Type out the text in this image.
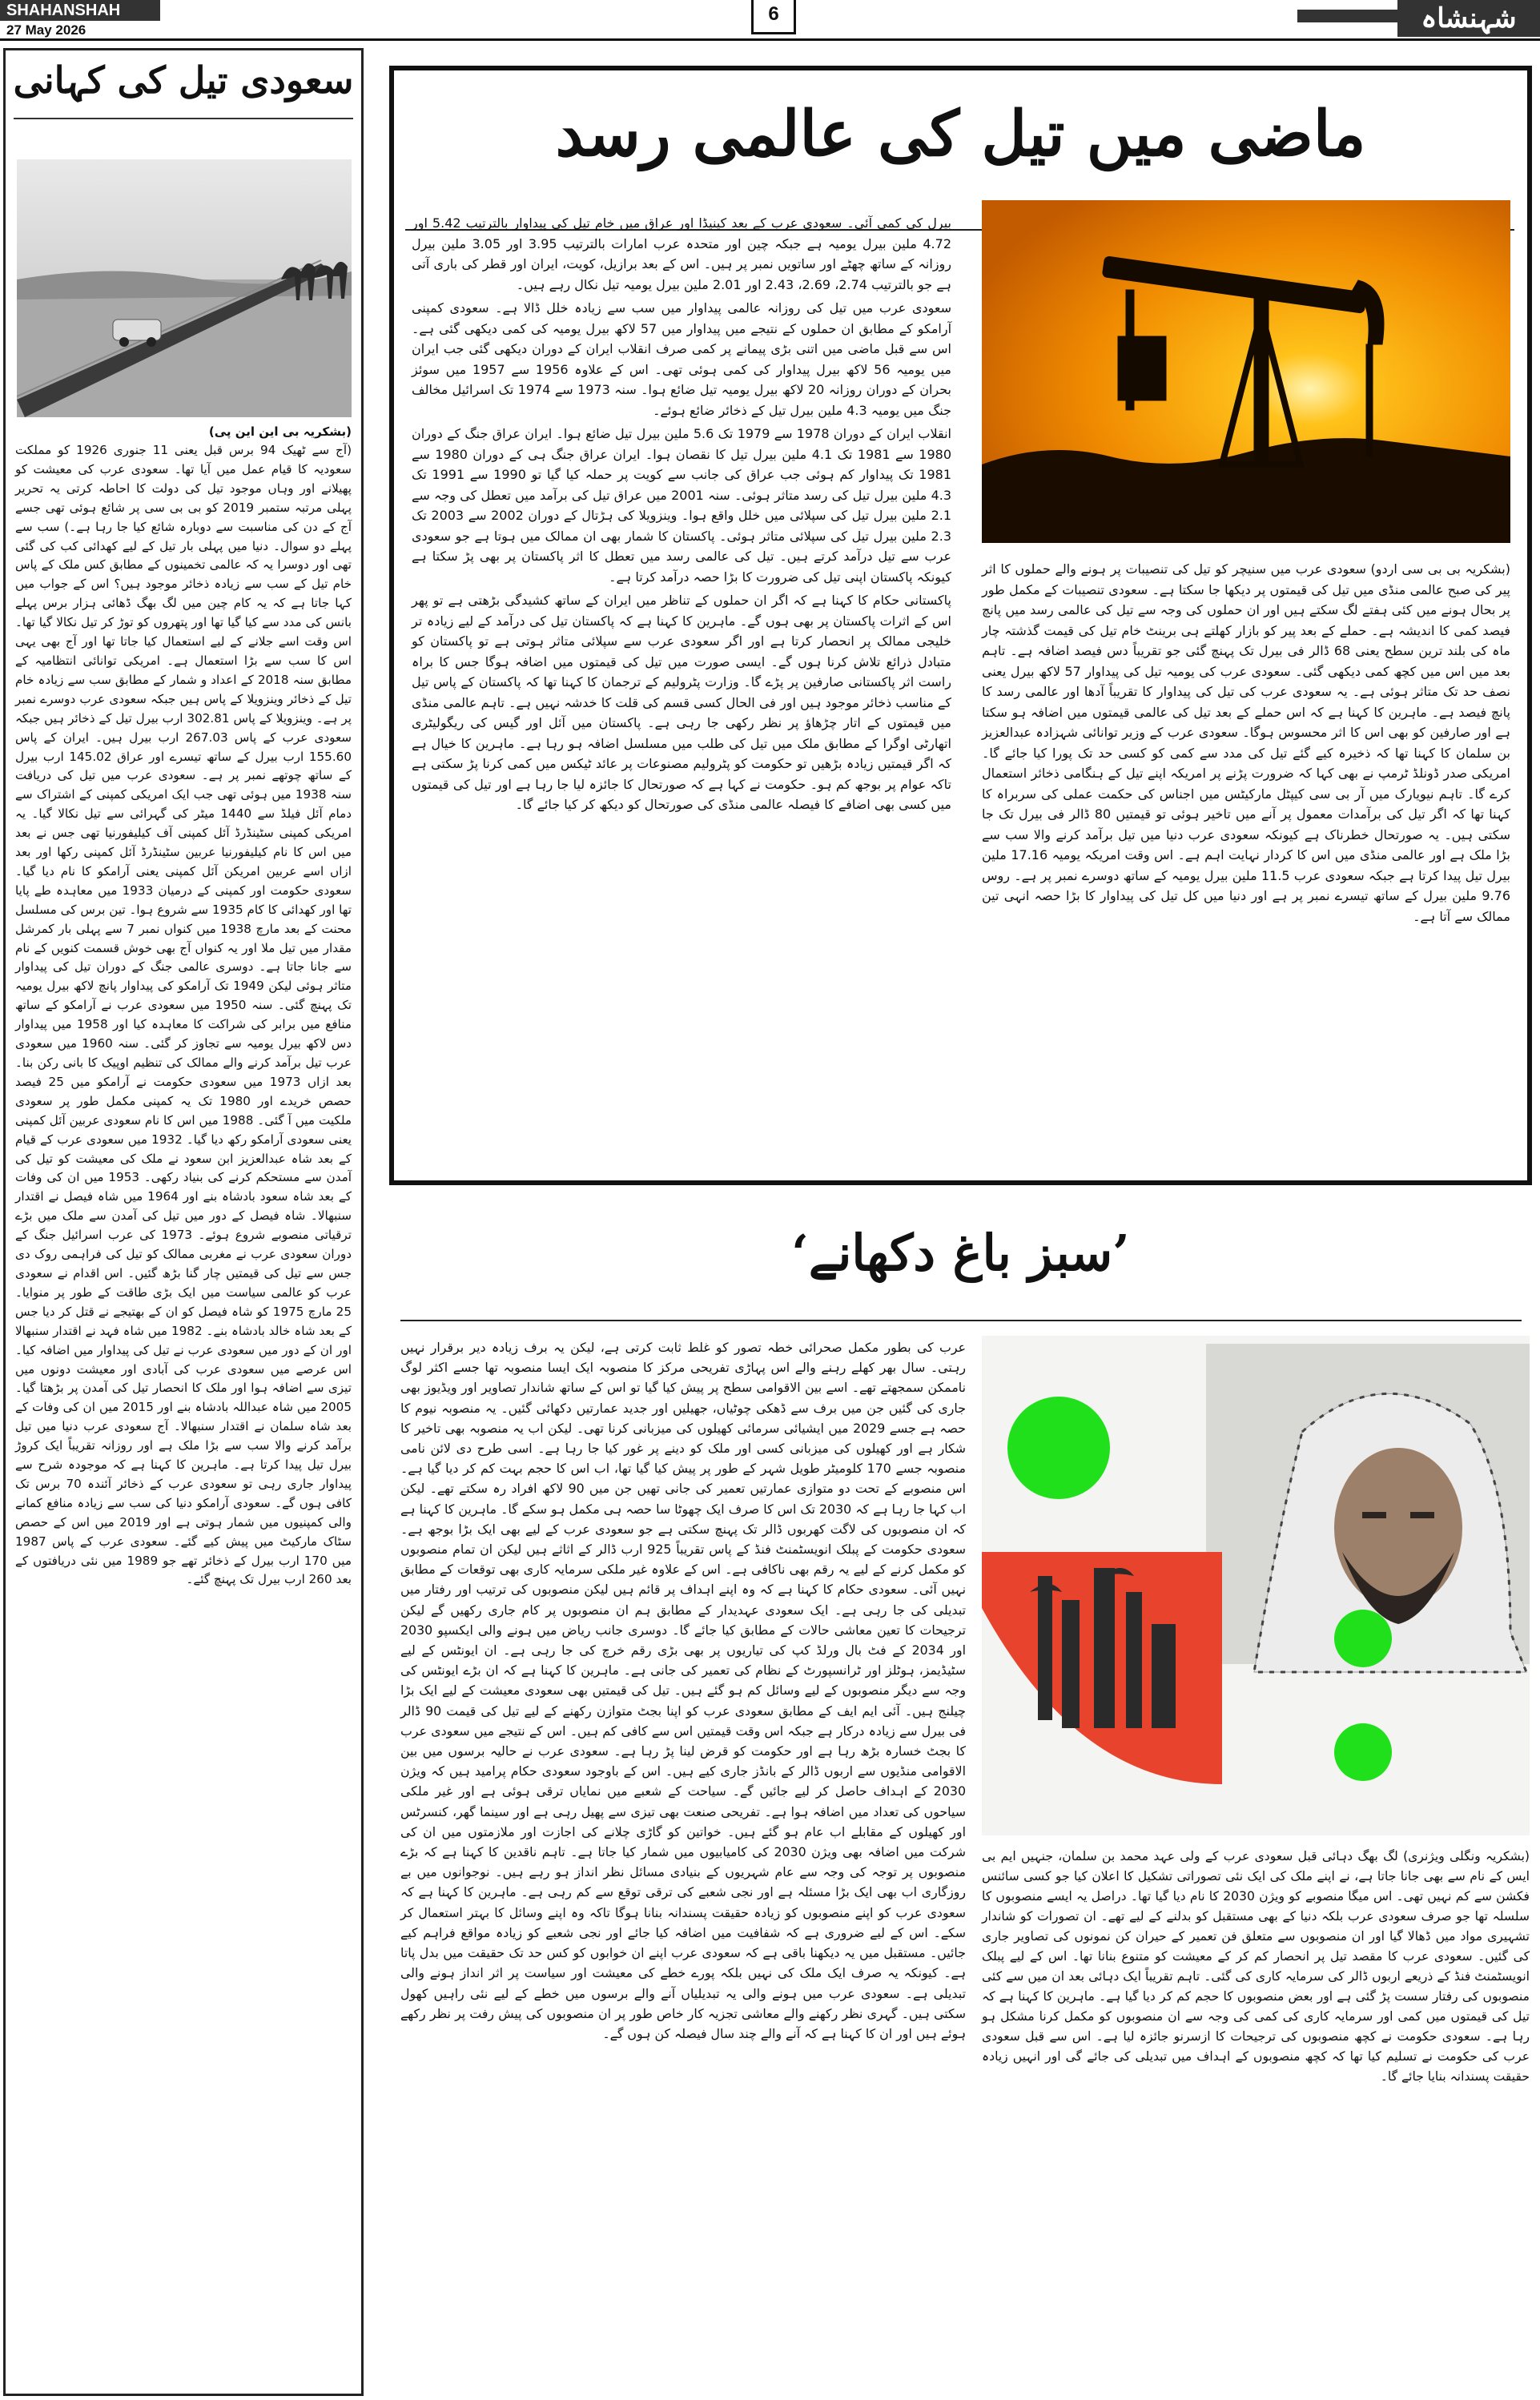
SHAHANSHAH
27 May 2026
6	شہنشاہ
سعودی تیل کی کہانی
(بشکریہ بی این این پی)
(آج سے ٹھیک 94 برس قبل یعنی 11 جنوری 1926 کو مملکت سعودیہ کا قیام عمل میں آیا تھا۔ سعودی عرب کی معیشت کو پھیلانے اور وہاں موجود تیل کی دولت کا احاطہ کرتی یہ تحریر پہلی مرتبہ ستمبر 2019 کو بی بی سی پر شائع ہوئی تھی جسے آج کے دن کی مناسبت سے دوبارہ شائع کیا جا رہا ہے۔) سب سے پہلے دو سوال۔ دنیا میں پہلی بار تیل کے لیے کھدائی کب کی گئی تھی اور دوسرا یہ کہ عالمی تخمینوں کے مطابق کس ملک کے پاس خام تیل کے سب سے زیادہ ذخائر موجود ہیں؟ اس کے جواب میں کہا جاتا ہے کہ یہ کام چین میں لگ بھگ ڈھائی ہزار برس پہلے بانس کی مدد سے کیا گیا تھا اور پتھروں کو توڑ کر تیل نکالا گیا تھا۔ اس وقت اسے جلانے کے لیے استعمال کیا جاتا تھا اور آج بھی یہی اس کا سب سے بڑا استعمال ہے۔ امریکی توانائی انتظامیہ کے مطابق سنہ 2018 کے اعداد و شمار کے مطابق سب سے زیادہ خام تیل کے ذخائر وینزویلا کے پاس ہیں جبکہ سعودی عرب دوسرے نمبر پر ہے۔ وینزویلا کے پاس 302.81 ارب بیرل تیل کے ذخائر ہیں جبکہ سعودی عرب کے پاس 267.03 ارب بیرل ہیں۔ ایران کے پاس 155.60 ارب بیرل کے ساتھ تیسرے اور عراق 145.02 ارب بیرل کے ساتھ چوتھے نمبر پر ہے۔ سعودی عرب میں تیل کی دریافت سنہ 1938 میں ہوئی تھی جب ایک امریکی کمپنی کے اشتراک سے دمام آئل فیلڈ سے 1440 میٹر کی گہرائی سے تیل نکالا گیا۔ یہ امریکی کمپنی سٹینڈرڈ آئل کمپنی آف کیلیفورنیا تھی جس نے بعد میں اس کا نام کیلیفورنیا عربین سٹینڈرڈ آئل کمپنی رکھا اور بعد ازاں اسے عربین امریکن آئل کمپنی یعنی آرامکو کا نام دیا گیا۔ سعودی حکومت اور کمپنی کے درمیان 1933 میں معاہدہ طے پایا تھا اور کھدائی کا کام 1935 سے شروع ہوا۔ تین برس کی مسلسل محنت کے بعد مارچ 1938 میں کنواں نمبر 7 سے پہلی بار کمرشل مقدار میں تیل ملا اور یہ کنواں آج بھی خوش قسمت کنویں کے نام سے جانا جاتا ہے۔ دوسری عالمی جنگ کے دوران تیل کی پیداوار متاثر ہوئی لیکن 1949 تک آرامکو کی پیداوار پانچ لاکھ بیرل یومیہ تک پہنچ گئی۔ سنہ 1950 میں سعودی عرب نے آرامکو کے ساتھ منافع میں برابر کی شراکت کا معاہدہ کیا اور 1958 میں پیداوار دس لاکھ بیرل یومیہ سے تجاوز کر گئی۔ سنہ 1960 میں سعودی عرب تیل برآمد کرنے والے ممالک کی تنظیم اوپیک کا بانی رکن بنا۔ بعد ازاں 1973 میں سعودی حکومت نے آرامکو میں 25 فیصد حصص خریدے اور 1980 تک یہ کمپنی مکمل طور پر سعودی ملکیت میں آ گئی۔ 1988 میں اس کا نام سعودی عربین آئل کمپنی یعنی سعودی آرامکو رکھ دیا گیا۔ 1932 میں سعودی عرب کے قیام کے بعد شاہ عبدالعزیز ابن سعود نے ملک کی معیشت کو تیل کی آمدن سے مستحکم کرنے کی بنیاد رکھی۔ 1953 میں ان کی وفات کے بعد شاہ سعود بادشاہ بنے اور 1964 میں شاہ فیصل نے اقتدار سنبھالا۔ شاہ فیصل کے دور میں تیل کی آمدن سے ملک میں بڑے ترقیاتی منصوبے شروع ہوئے۔ 1973 کی عرب اسرائیل جنگ کے دوران سعودی عرب نے مغربی ممالک کو تیل کی فراہمی روک دی جس سے تیل کی قیمتیں چار گنا بڑھ گئیں۔ اس اقدام نے سعودی عرب کو عالمی سیاست میں ایک بڑی طاقت کے طور پر منوایا۔ 25 مارچ 1975 کو شاہ فیصل کو ان کے بھتیجے نے قتل کر دیا جس کے بعد شاہ خالد بادشاہ بنے۔ 1982 میں شاہ فہد نے اقتدار سنبھالا اور ان کے دور میں سعودی عرب نے تیل کی پیداوار میں اضافہ کیا۔ اس عرصے میں سعودی عرب کی آبادی اور معیشت دونوں میں تیزی سے اضافہ ہوا اور ملک کا انحصار تیل کی آمدن پر بڑھتا گیا۔ 2005 میں شاہ عبداللہ بادشاہ بنے اور 2015 میں ان کی وفات کے بعد شاہ سلمان نے اقتدار سنبھالا۔ آج سعودی عرب دنیا میں تیل برآمد کرنے والا سب سے بڑا ملک ہے اور روزانہ تقریباً ایک کروڑ بیرل تیل پیدا کرتا ہے۔ ماہرین کا کہنا ہے کہ موجودہ شرح سے پیداوار جاری رہی تو سعودی عرب کے ذخائر آئندہ 70 برس تک کافی ہوں گے۔ سعودی آرامکو دنیا کی سب سے زیادہ منافع کمانے والی کمپنیوں میں شمار ہوتی ہے اور 2019 میں اس کے حصص سٹاک مارکیٹ میں پیش کیے گئے۔ سعودی عرب کے پاس 1987 میں 170 ارب بیرل کے ذخائر تھے جو 1989 میں نئی دریافتوں کے بعد 260 ارب بیرل تک پہنچ گئے۔
ماضی میں تیل کی عالمی رسد
(بشکریہ بی بی سی اردو) سعودی عرب میں سنیچر کو تیل کی تنصیبات پر ہونے والے حملوں کا اثر پیر کی صبح عالمی منڈی میں تیل کی قیمتوں پر دیکھا جا سکتا ہے۔ سعودی تنصیبات کے مکمل طور پر بحال ہونے میں کئی ہفتے لگ سکتے ہیں اور ان حملوں کی وجہ سے تیل کی عالمی رسد میں پانچ فیصد کمی کا اندیشہ ہے۔ حملے کے بعد پیر کو بازار کھلتے ہی برینٹ خام تیل کی قیمت گذشتہ چار ماہ کی بلند ترین سطح یعنی 68 ڈالر فی بیرل تک پہنچ گئی جو تقریباً دس فیصد اضافہ ہے۔ تاہم بعد میں اس میں کچھ کمی دیکھی گئی۔ سعودی عرب کی یومیہ تیل کی پیداوار 57 لاکھ بیرل یعنی نصف حد تک متاثر ہوئی ہے۔ یہ سعودی عرب کی تیل کی پیداوار کا تقریباً آدھا اور عالمی رسد کا پانچ فیصد ہے۔ ماہرین کا کہنا ہے کہ اس حملے کے بعد تیل کی عالمی قیمتوں میں اضافہ ہو سکتا ہے اور صارفین کو بھی اس کا اثر محسوس ہوگا۔ سعودی عرب کے وزیر توانائی شہزادہ عبدالعزیز بن سلمان کا کہنا تھا کہ ذخیرہ کیے گئے تیل کی مدد سے کمی کو کسی حد تک پورا کیا جائے گا۔ امریکی صدر ڈونلڈ ٹرمپ نے بھی کہا کہ ضرورت پڑنے پر امریکہ اپنے تیل کے ہنگامی ذخائر استعمال کرے گا۔ تاہم نیویارک میں آر بی سی کیپٹل مارکیٹس میں اجناس کی حکمت عملی کی سربراہ کا کہنا تھا کہ اگر تیل کی برآمدات معمول پر آنے میں تاخیر ہوئی تو قیمتیں 80 ڈالر فی بیرل تک جا سکتی ہیں۔ یہ صورتحال خطرناک ہے کیونکہ سعودی عرب دنیا میں تیل برآمد کرنے والا سب سے بڑا ملک ہے اور عالمی منڈی میں اس کا کردار نہایت اہم ہے۔ اس وقت امریکہ یومیہ 17.16 ملین بیرل تیل پیدا کرتا ہے جبکہ سعودی عرب 11.5 ملین بیرل یومیہ کے ساتھ دوسرے نمبر پر ہے۔ روس 9.76 ملین بیرل کے ساتھ تیسرے نمبر پر ہے اور دنیا میں کل تیل کی پیداوار کا بڑا حصہ انہی تین ممالک سے آتا ہے۔

بیرل کی کمی آئی۔ سعودی عرب کے بعد کینیڈا اور عراق میں خام تیل کی پیداوار بالترتیب 5.42 اور 4.72 ملین بیرل یومیہ ہے جبکہ چین اور متحدہ عرب امارات بالترتیب 3.95 اور 3.05 ملین بیرل روزانہ کے ساتھ چھٹے اور ساتویں نمبر پر ہیں۔ اس کے بعد برازیل، کویت، ایران اور قطر کی باری آتی ہے جو بالترتیب 2.74، 2.69، 2.43 اور 2.01 ملین بیرل یومیہ تیل نکال رہے ہیں۔

سعودی عرب میں تیل کی روزانہ عالمی پیداوار میں سب سے زیادہ خلل ڈالا ہے۔ سعودی کمپنی آرامکو کے مطابق ان حملوں کے نتیجے میں پیداوار میں 57 لاکھ بیرل یومیہ کی کمی دیکھی گئی ہے۔ اس سے قبل ماضی میں اتنی بڑی پیمانے پر کمی صرف انقلاب ایران کے دوران دیکھی گئی جب ایران میں یومیہ 56 لاکھ بیرل پیداوار کی کمی ہوئی تھی۔ اس کے علاوہ 1956 سے 1957 میں سوئز بحران کے دوران روزانہ 20 لاکھ بیرل یومیہ تیل ضائع ہوا۔ سنہ 1973 سے 1974 تک اسرائیل مخالف جنگ میں یومیہ 4.3 ملین بیرل تیل کے ذخائر ضائع ہوئے۔

انقلاب ایران کے دوران 1978 سے 1979 تک 5.6 ملین بیرل تیل ضائع ہوا۔ ایران عراق جنگ کے دوران 1980 سے 1981 تک 4.1 ملین بیرل تیل کا نقصان ہوا۔ ایران عراق جنگ ہی کے دوران 1980 سے 1981 تک پیداوار کم ہوئی جب عراق کی جانب سے کویت پر حملہ کیا گیا تو 1990 سے 1991 تک 4.3 ملین بیرل تیل کی رسد متاثر ہوئی۔ سنہ 2001 میں عراق تیل کی برآمد میں تعطل کی وجہ سے 2.1 ملین بیرل تیل کی سپلائی میں خلل واقع ہوا۔ وینزویلا کی ہڑتال کے دوران 2002 سے 2003 تک 2.3 ملین بیرل تیل کی سپلائی متاثر ہوئی۔ پاکستان کا شمار بھی ان ممالک میں ہوتا ہے جو سعودی عرب سے تیل درآمد کرتے ہیں۔ تیل کی عالمی رسد میں تعطل کا اثر پاکستان پر بھی پڑ سکتا ہے کیونکہ پاکستان اپنی تیل کی ضرورت کا بڑا حصہ درآمد کرتا ہے۔

پاکستانی حکام کا کہنا ہے کہ اگر ان حملوں کے تناظر میں ایران کے ساتھ کشیدگی بڑھتی ہے تو پھر اس کے اثرات پاکستان پر بھی ہوں گے۔ ماہرین کا کہنا ہے کہ پاکستان تیل کی درآمد کے لیے زیادہ تر خلیجی ممالک پر انحصار کرتا ہے اور اگر سعودی عرب سے سپلائی متاثر ہوتی ہے تو پاکستان کو متبادل ذرائع تلاش کرنا ہوں گے۔ ایسی صورت میں تیل کی قیمتوں میں اضافہ ہوگا جس کا براہ راست اثر پاکستانی صارفین پر پڑے گا۔ وزارت پٹرولیم کے ترجمان کا کہنا تھا کہ پاکستان کے پاس تیل کے مناسب ذخائر موجود ہیں اور فی الحال کسی قسم کی قلت کا خدشہ نہیں ہے۔ تاہم عالمی منڈی میں قیمتوں کے اتار چڑھاؤ پر نظر رکھی جا رہی ہے۔ پاکستان میں آئل اور گیس کی ریگولیٹری اتھارٹی اوگرا کے مطابق ملک میں تیل کی طلب میں مسلسل اضافہ ہو رہا ہے۔ ماہرین کا خیال ہے کہ اگر قیمتیں زیادہ بڑھیں تو حکومت کو پٹرولیم مصنوعات پر عائد ٹیکس میں کمی کرنا پڑ سکتی ہے تاکہ عوام پر بوجھ کم ہو۔ حکومت نے کہا ہے کہ صورتحال کا جائزہ لیا جا رہا ہے اور تیل کی قیمتوں میں کسی بھی اضافے کا فیصلہ عالمی منڈی کی صورتحال کو دیکھ کر کیا جائے گا۔

’سبز باغ دکھانے‘
(بشکریہ ونگلی ویژنری) لگ بھگ دہائی قبل سعودی عرب کے ولی عہد محمد بن سلمان، جنہیں ایم بی ایس کے نام سے بھی جانا جاتا ہے، نے اپنے ملک کی ایک نئی تصوراتی تشکیل کا اعلان کیا جو کسی سائنس فکشن سے کم نہیں تھی۔ اس میگا منصوبے کو ویژن 2030 کا نام دیا گیا تھا۔ دراصل یہ ایسے منصوبوں کا سلسلہ تھا جو صرف سعودی عرب بلکہ دنیا کے بھی مستقبل کو بدلنے کے لیے تھے۔ ان تصورات کو شاندار تشہیری مواد میں ڈھالا گیا اور ان منصوبوں سے متعلق فن تعمیر کے حیران کن نمونوں کی تصاویر جاری کی گئیں۔ سعودی عرب کا مقصد تیل پر انحصار کم کر کے معیشت کو متنوع بنانا تھا۔ اس کے لیے پبلک انویسٹمنٹ فنڈ کے ذریعے اربوں ڈالر کی سرمایہ کاری کی گئی۔ تاہم تقریباً ایک دہائی بعد ان میں سے کئی منصوبوں کی رفتار سست پڑ گئی ہے اور بعض منصوبوں کا حجم کم کر دیا گیا ہے۔ ماہرین کا کہنا ہے کہ تیل کی قیمتوں میں کمی اور سرمایہ کاری کی کمی کی وجہ سے ان منصوبوں کو مکمل کرنا مشکل ہو رہا ہے۔ سعودی حکومت نے کچھ منصوبوں کی ترجیحات کا ازسرنو جائزہ لیا ہے۔ اس سے قبل سعودی عرب کی حکومت نے تسلیم کیا تھا کہ کچھ منصوبوں کے اہداف میں تبدیلی کی جائے گی اور انہیں زیادہ حقیقت پسندانہ بنایا جائے گا۔
عرب کی بطور مکمل صحرائی خطہ تصور کو غلط ثابت کرتی ہے، لیکن یہ برف زیادہ دیر برقرار نہیں رہتی۔ سال بھر کھلے رہنے والے اس پہاڑی تفریحی مرکز کا منصوبہ ایک ایسا منصوبہ تھا جسے اکثر لوگ ناممکن سمجھتے تھے۔ اسے بین الاقوامی سطح پر پیش کیا گیا تو اس کے ساتھ شاندار تصاویر اور ویڈیوز بھی جاری کی گئیں جن میں برف سے ڈھکی چوٹیاں، جھیلیں اور جدید عمارتیں دکھائی گئیں۔ یہ منصوبہ نیوم کا حصہ ہے جسے 2029 میں ایشیائی سرمائی کھیلوں کی میزبانی کرنا تھی۔ لیکن اب یہ منصوبہ بھی تاخیر کا شکار ہے اور کھیلوں کی میزبانی کسی اور ملک کو دینے پر غور کیا جا رہا ہے۔ اسی طرح دی لائن نامی منصوبہ جسے 170 کلومیٹر طویل شہر کے طور پر پیش کیا گیا تھا، اب اس کا حجم بہت کم کر دیا گیا ہے۔ اس منصوبے کے تحت دو متوازی عمارتیں تعمیر کی جانی تھیں جن میں 90 لاکھ افراد رہ سکتے تھے۔ لیکن اب کہا جا رہا ہے کہ 2030 تک اس کا صرف ایک چھوٹا سا حصہ ہی مکمل ہو سکے گا۔ ماہرین کا کہنا ہے کہ ان منصوبوں کی لاگت کھربوں ڈالر تک پہنچ سکتی ہے جو سعودی عرب کے لیے بھی ایک بڑا بوجھ ہے۔ سعودی حکومت کے پبلک انویسٹمنٹ فنڈ کے پاس تقریباً 925 ارب ڈالر کے اثاثے ہیں لیکن ان تمام منصوبوں کو مکمل کرنے کے لیے یہ رقم بھی ناکافی ہے۔ اس کے علاوہ غیر ملکی سرمایہ کاری بھی توقعات کے مطابق نہیں آئی۔ سعودی حکام کا کہنا ہے کہ وہ اپنے اہداف پر قائم ہیں لیکن منصوبوں کی ترتیب اور رفتار میں تبدیلی کی جا رہی ہے۔ ایک سعودی عہدیدار کے مطابق ہم ان منصوبوں پر کام جاری رکھیں گے لیکن ترجیحات کا تعین معاشی حالات کے مطابق کیا جائے گا۔ دوسری جانب ریاض میں ہونے والی ایکسپو 2030 اور 2034 کے فٹ بال ورلڈ کپ کی تیاریوں پر بھی بڑی رقم خرچ کی جا رہی ہے۔ ان ایونٹس کے لیے سٹیڈیمز، ہوٹلز اور ٹرانسپورٹ کے نظام کی تعمیر کی جانی ہے۔ ماہرین کا کہنا ہے کہ ان بڑے ایونٹس کی وجہ سے دیگر منصوبوں کے لیے وسائل کم ہو گئے ہیں۔ تیل کی قیمتیں بھی سعودی معیشت کے لیے ایک بڑا چیلنج ہیں۔ آئی ایم ایف کے مطابق سعودی عرب کو اپنا بجٹ متوازن رکھنے کے لیے تیل کی قیمت 90 ڈالر فی بیرل سے زیادہ درکار ہے جبکہ اس وقت قیمتیں اس سے کافی کم ہیں۔ اس کے نتیجے میں سعودی عرب کا بجٹ خسارہ بڑھ رہا ہے اور حکومت کو قرض لینا پڑ رہا ہے۔ سعودی عرب نے حالیہ برسوں میں بین الاقوامی منڈیوں سے اربوں ڈالر کے بانڈز جاری کیے ہیں۔ اس کے باوجود سعودی حکام پرامید ہیں کہ ویژن 2030 کے اہداف حاصل کر لیے جائیں گے۔ سیاحت کے شعبے میں نمایاں ترقی ہوئی ہے اور غیر ملکی سیاحوں کی تعداد میں اضافہ ہوا ہے۔ تفریحی صنعت بھی تیزی سے پھیل رہی ہے اور سینما گھر، کنسرٹس اور کھیلوں کے مقابلے اب عام ہو گئے ہیں۔ خواتین کو گاڑی چلانے کی اجازت اور ملازمتوں میں ان کی شرکت میں اضافہ بھی ویژن 2030 کی کامیابیوں میں شمار کیا جاتا ہے۔ تاہم ناقدین کا کہنا ہے کہ بڑے منصوبوں پر توجہ کی وجہ سے عام شہریوں کے بنیادی مسائل نظر انداز ہو رہے ہیں۔ نوجوانوں میں بے روزگاری اب بھی ایک بڑا مسئلہ ہے اور نجی شعبے کی ترقی توقع سے کم رہی ہے۔ ماہرین کا کہنا ہے کہ سعودی عرب کو اپنے منصوبوں کو زیادہ حقیقت پسندانہ بنانا ہوگا تاکہ وہ اپنے وسائل کا بہتر استعمال کر سکے۔ اس کے لیے ضروری ہے کہ شفافیت میں اضافہ کیا جائے اور نجی شعبے کو زیادہ مواقع فراہم کیے جائیں۔ مستقبل میں یہ دیکھنا باقی ہے کہ سعودی عرب اپنے ان خوابوں کو کس حد تک حقیقت میں بدل پاتا ہے۔ کیونکہ یہ صرف ایک ملک کی نہیں بلکہ پورے خطے کی معیشت اور سیاست پر اثر انداز ہونے والی تبدیلی ہے۔ سعودی عرب میں ہونے والی یہ تبدیلیاں آنے والے برسوں میں خطے کے لیے نئی راہیں کھول سکتی ہیں۔ گہری نظر رکھنے والے معاشی تجزیہ کار خاص طور پر ان منصوبوں کی پیش رفت پر نظر رکھے ہوئے ہیں اور ان کا کہنا ہے کہ آنے والے چند سال فیصلہ کن ہوں گے۔
